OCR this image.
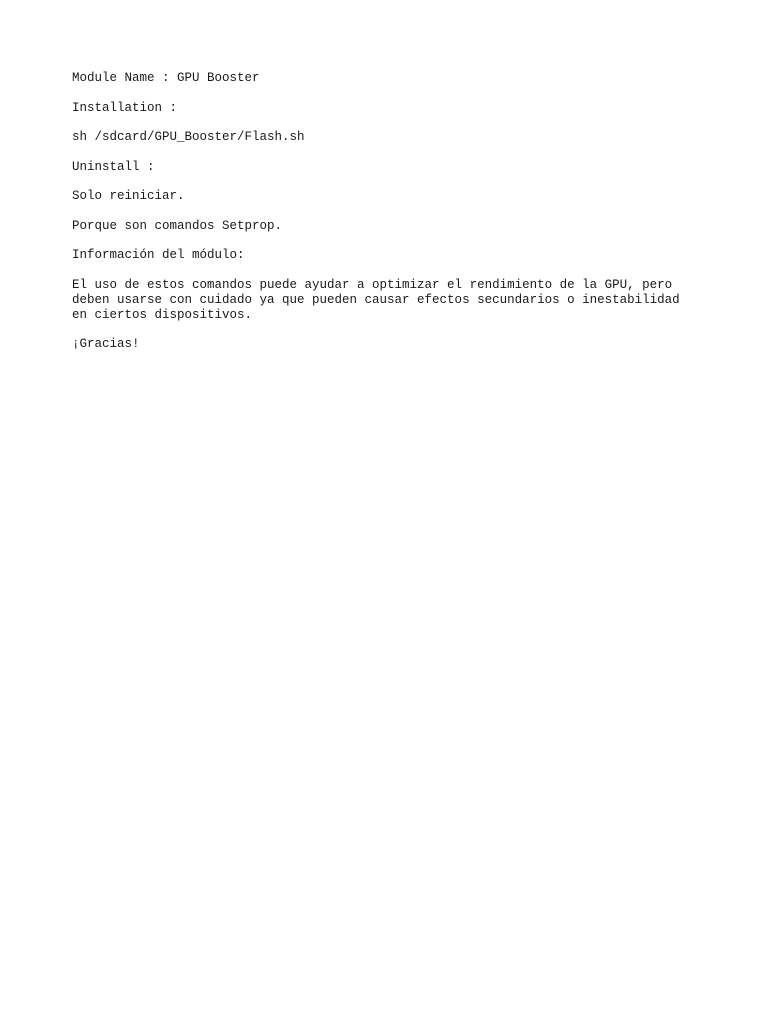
Module Name : GPU Booster

Installation :

sh /sdcard/GPU_Booster/Flash.sh

Uninstall :

Solo reiniciar.

Porque son comandos Setprop.

Información del módulo:

El uso de estos comandos puede ayudar a optimizar el rendimiento de la GPU, pero
deben usarse con cuidado ya que pueden causar efectos secundarios o inestabilidad
en ciertos dispositivos.

¡Gracias!
